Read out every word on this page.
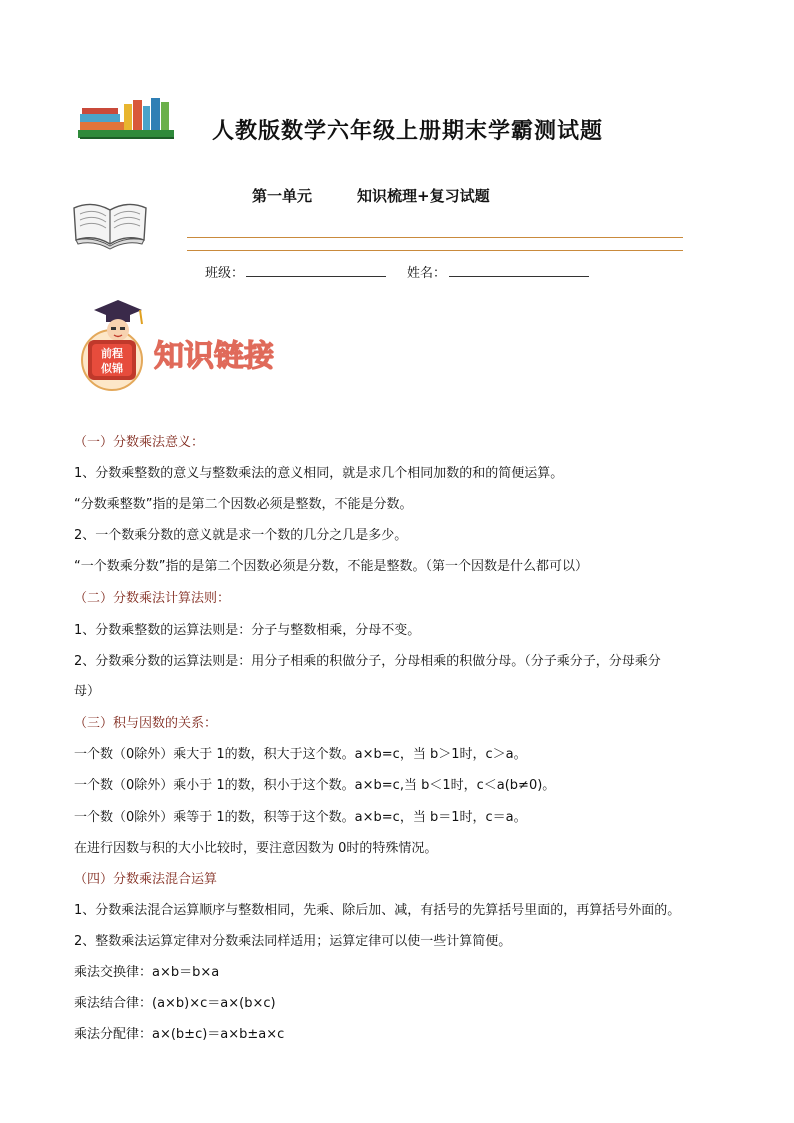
人教版数学六年级上册期末学霸测试题
第一单元	知识梳理+复习试题
班级：	姓名：
前程
似锦 知识链接
（一）分数乘法意义：
1、分数乘整数的意义与整数乘法的意义相同，就是求几个相同加数的和的简便运算。
“分数乘整数”指的是第二个因数必须是整数，不能是分数。
2、一个数乘分数的意义就是求一个数的几分之几是多少。
“一个数乘分数”指的是第二个因数必须是分数，不能是整数。（第一个因数是什么都可以）
（二）分数乘法计算法则：
1、分数乘整数的运算法则是：分子与整数相乘，分母不变。
2、分数乘分数的运算法则是：用分子相乘的积做分子，分母相乘的积做分母。（分子乘分子，分母乘分
母）
（三）积与因数的关系：
一个数（0除外）乘大于 1的数，积大于这个数。a×b=c，当 b＞1时，c＞a。
一个数（0除外）乘小于 1的数，积小于这个数。a×b=c,当 b＜1时，c＜a(b≠0)。
一个数（0除外）乘等于 1的数，积等于这个数。a×b=c，当 b＝1时，c＝a。
在进行因数与积的大小比较时，要注意因数为 0时的特殊情况。
（四）分数乘法混合运算
1、分数乘法混合运算顺序与整数相同，先乘、除后加、减，有括号的先算括号里面的，再算括号外面的。
2、整数乘法运算定律对分数乘法同样适用；运算定律可以使一些计算简便。
乘法交换律：a×b＝b×a
乘法结合律：(a×b)×c＝a×(b×c)
乘法分配律：a×(b±c)＝a×b±a×c
